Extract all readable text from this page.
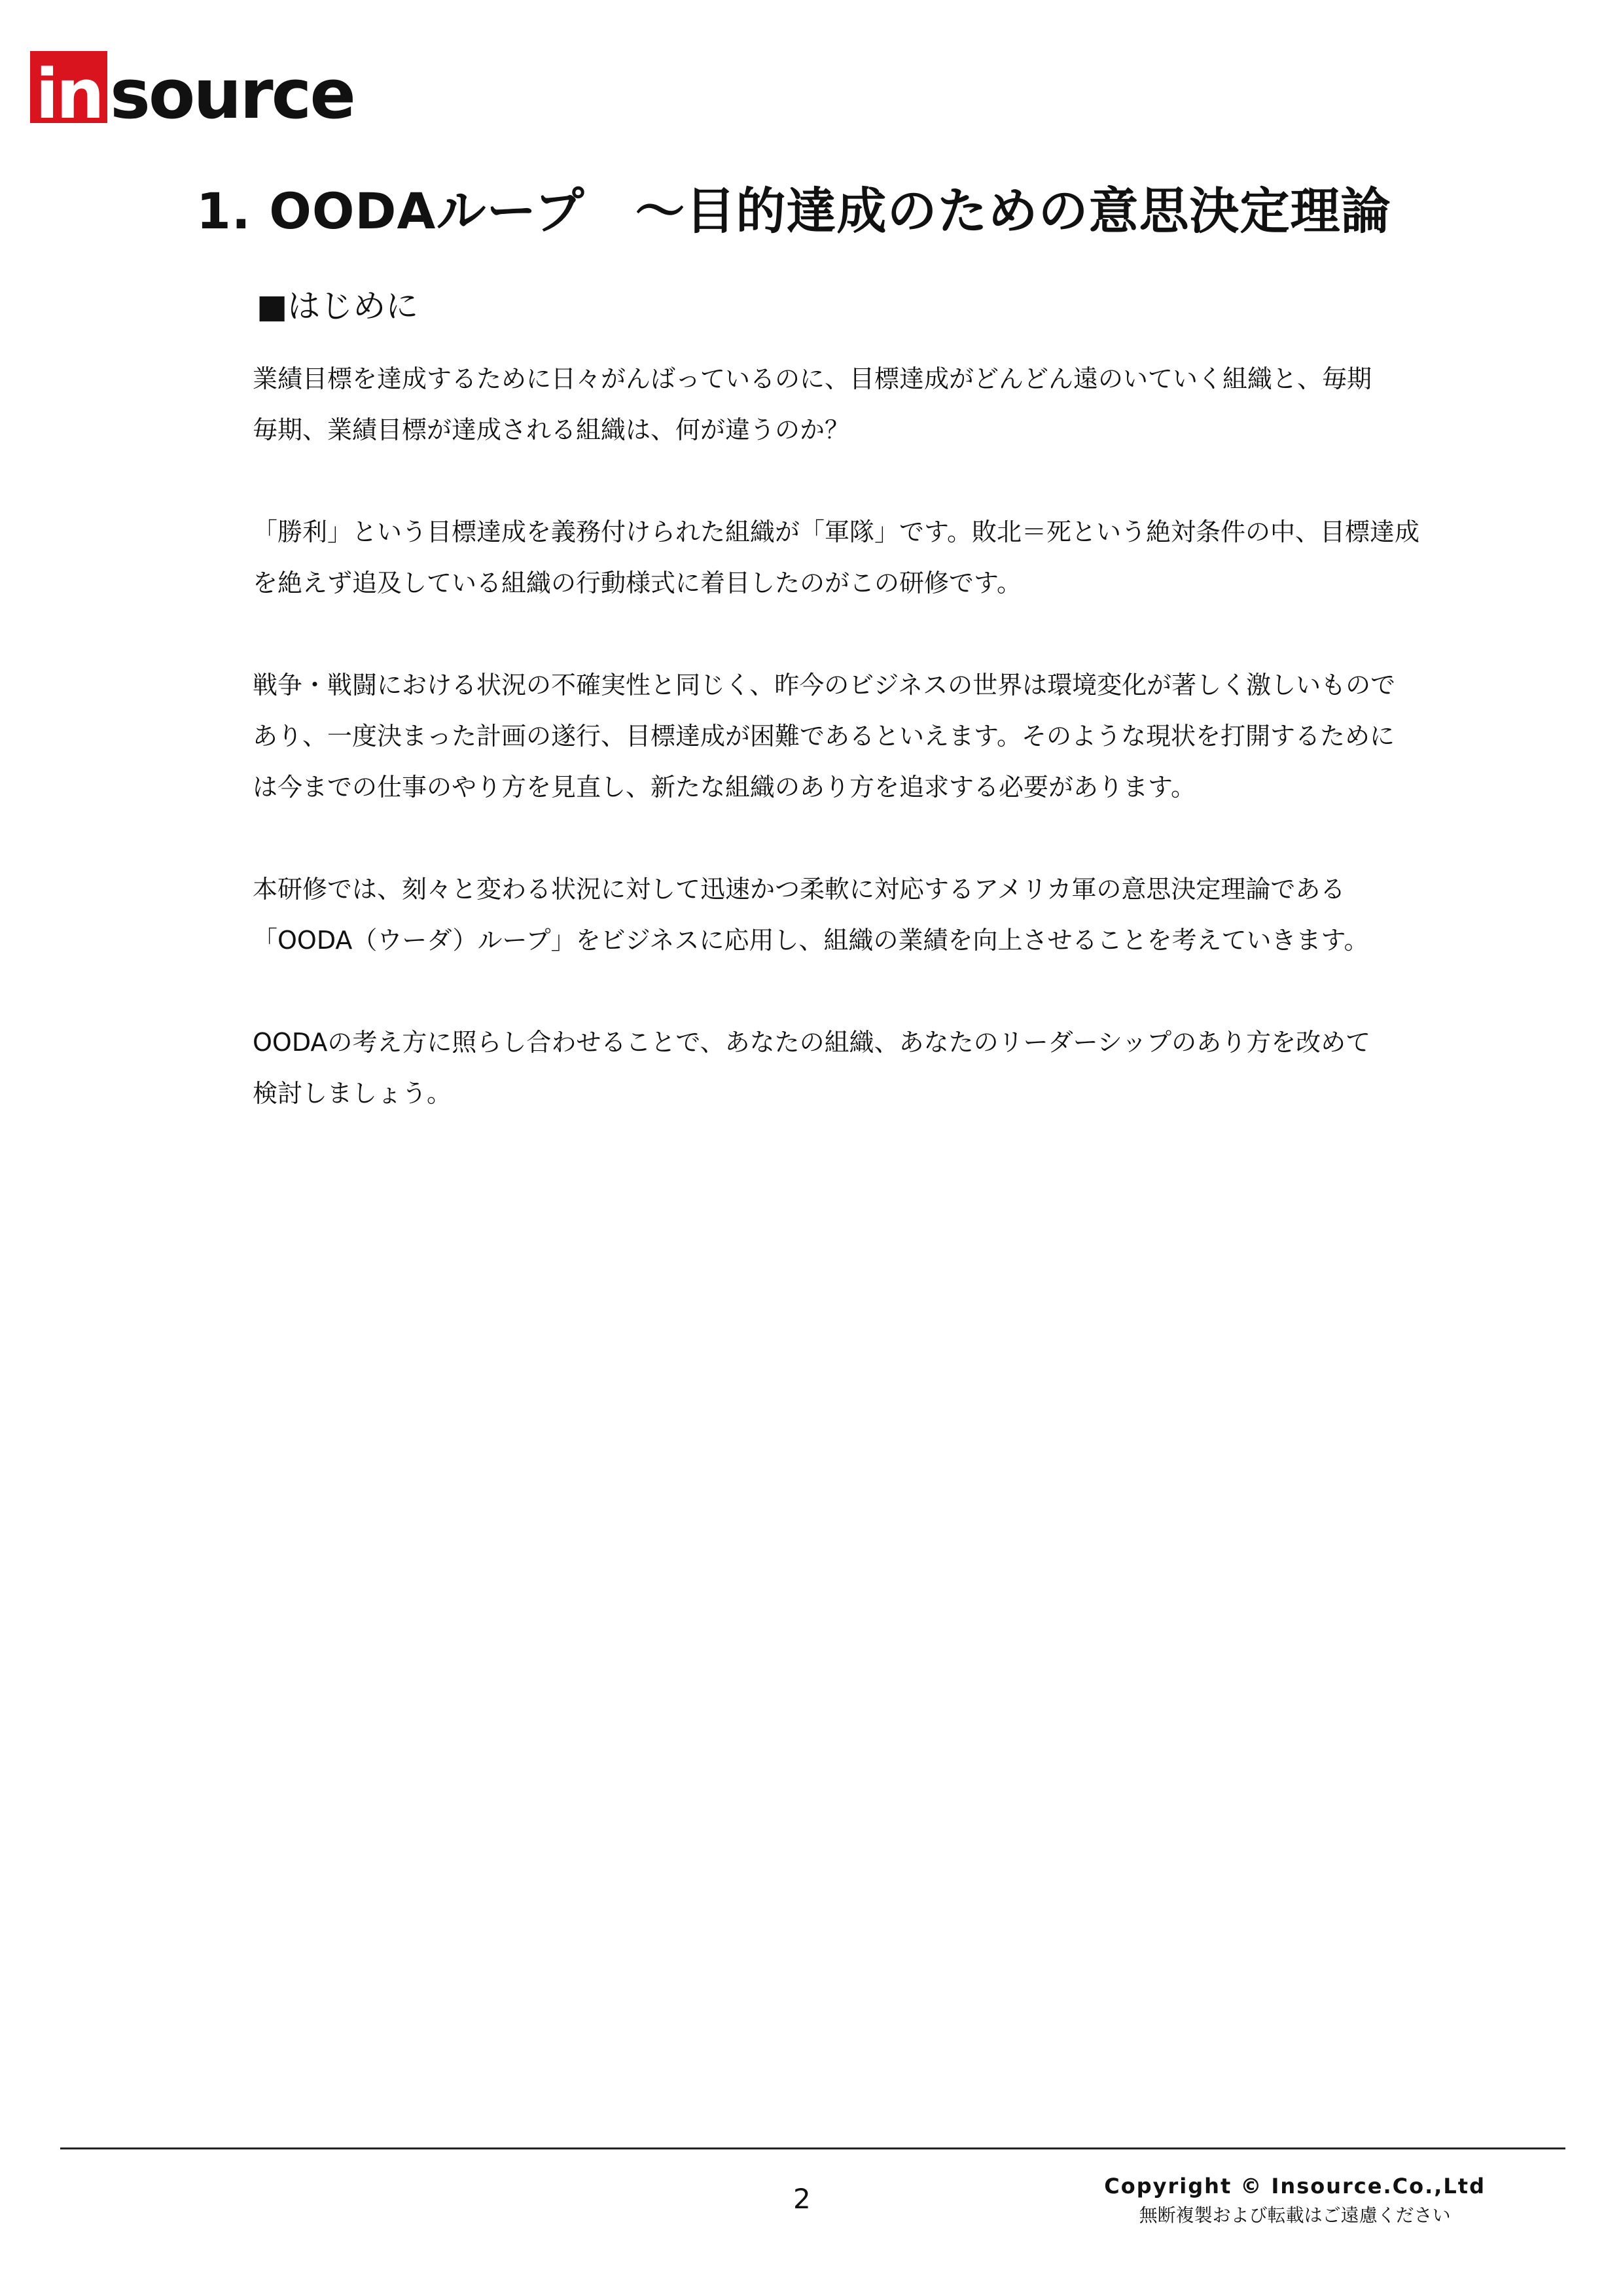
in source
1. OODAループ　～目的達成のための意思決定理論
■はじめに

業績目標を達成するために日々がんばっているのに、目標達成がどんどん遠のいていく組織と、毎期
毎期、業績目標が達成される組織は、何が違うのか？

「勝利」という目標達成を義務付けられた組織が「軍隊」です。敗北＝死という絶対条件の中、目標達成
を絶えず追及している組織の行動様式に着目したのがこの研修です。

戦争・戦闘における状況の不確実性と同じく、昨今のビジネスの世界は環境変化が著しく激しいもので
あり、一度決まった計画の遂行、目標達成が困難であるといえます。そのような現状を打開するために
は今までの仕事のやり方を見直し、新たな組織のあり方を追求する必要があります。

本研修では、刻々と変わる状況に対して迅速かつ柔軟に対応するアメリカ軍の意思決定理論である
「OODA（ウーダ）ループ」をビジネスに応用し、組織の業績を向上させることを考えていきます。

OODAの考え方に照らし合わせることで、あなたの組織、あなたのリーダーシップのあり方を改めて
検討しましょう。

2	Copyright © Insource.Co.,Ltd
無断複製および転載はご遠慮ください
